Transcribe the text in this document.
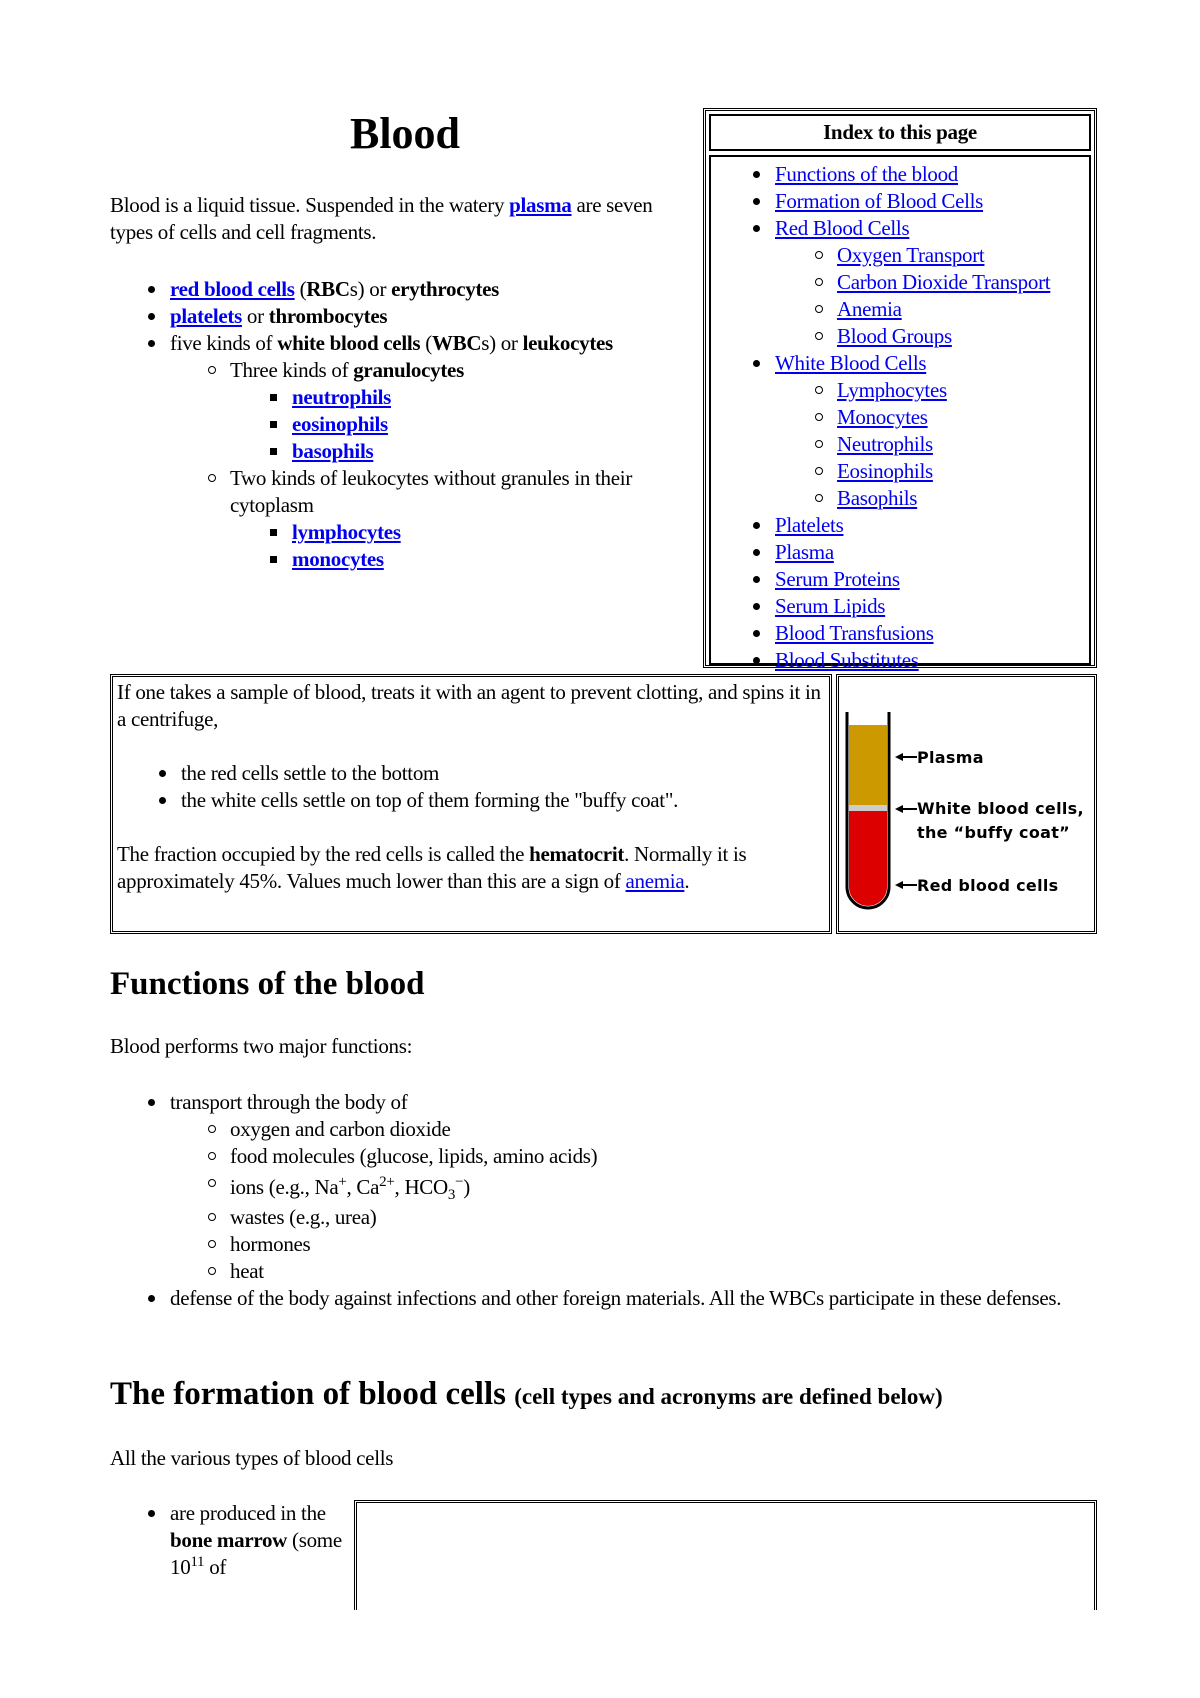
Blood
Blood is a liquid tissue. Suspended in the watery plasma are seven types of cells and cell fragments.
red blood cells (RBCs) or erythrocytes
platelets or thrombocytes
five kinds of white blood cells (WBCs) or leukocytes
Three kinds of granulocytes
neutrophils
eosinophils
basophils
Two kinds of leukocytes without granules in their cytoplasm
lymphocytes
monocytes
Index to this page
Functions of the blood
Formation of Blood Cells
Red Blood Cells
Oxygen Transport
Carbon Dioxide Transport
Anemia
Blood Groups
White Blood Cells
Lymphocytes
Monocytes
Neutrophils
Eosinophils
Basophils
Platelets
Plasma
Serum Proteins
Serum Lipids
Blood Transfusions
Blood Substitutes
If one takes a sample of blood, treats it with an agent to prevent clotting, and spins it in a centrifuge,
the red cells settle to the bottom
the white cells settle on top of them forming the "buffy coat".
The fraction occupied by the red cells is called the hematocrit. Normally it is approximately 45%. Values much lower than this are a sign of anemia.
Plasma
White blood cells,
the “buffy coat”
Red blood cells
Functions of the blood
Blood performs two major functions:
transport through the body of
oxygen and carbon dioxide
food molecules (glucose, lipids, amino acids)
ions (e.g., Na+, $Ca^{2+}$, $HCO_3^-$)
wastes (e.g., urea)
hormones
heat
defense of the body against infections and other foreign materials. All the WBCs participate in these defenses.
The formation of blood cells (cell types and acronyms are defined below)
All the various types of blood cells
are produced in the bone marrow (some $10^{11}$ of
